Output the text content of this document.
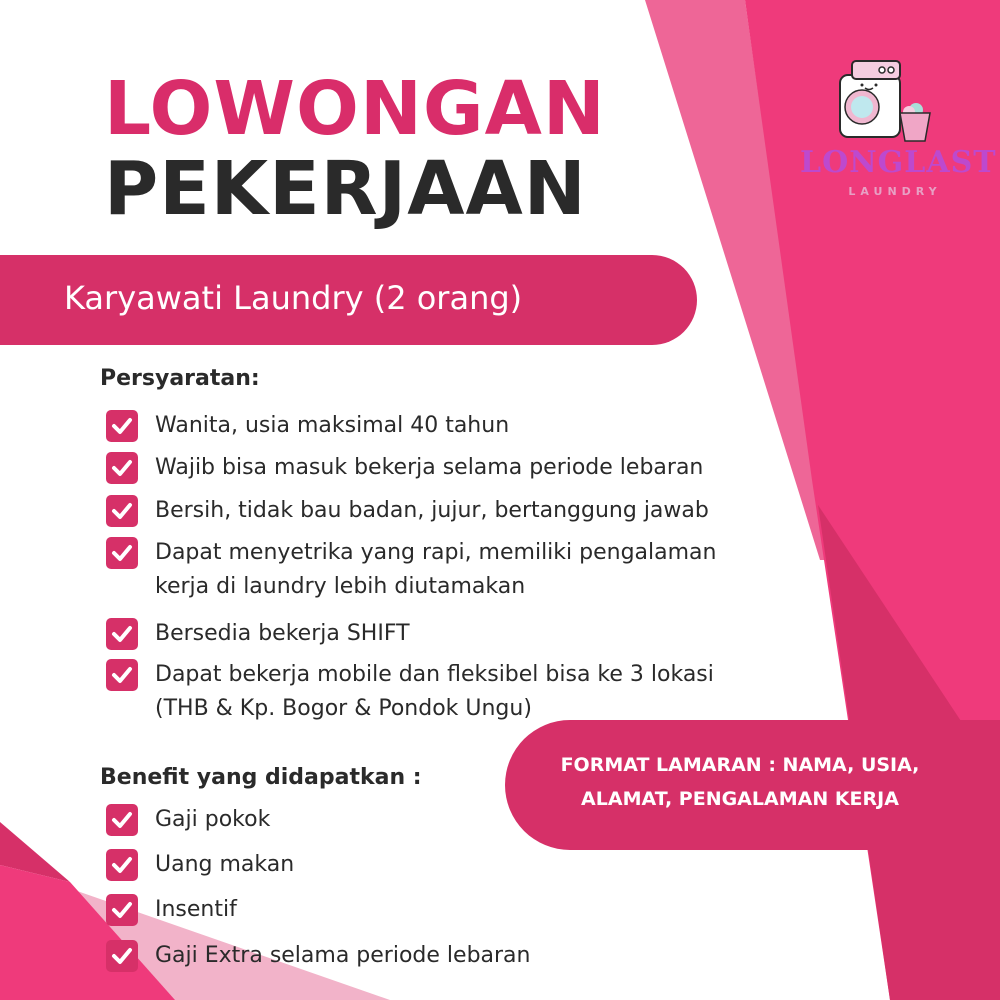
LONGLAST
LAUNDRY
LOWONGAN
PEKERJAAN
Karyawati Laundry (2 orang)
Persyaratan:
Wanita, usia maksimal 40 tahun
Wajib bisa masuk bekerja selama periode lebaran
Bersih, tidak bau badan, jujur, bertanggung jawab
Dapat menyetrika yang rapi, memiliki pengalaman
kerja di laundry lebih diutamakan
Bersedia bekerja SHIFT
Dapat bekerja mobile dan fleksibel bisa ke 3 lokasi
(THB & Kp. Bogor & Pondok Ungu)
Benefit yang didapatkan :
Gaji pokok
Uang makan
Insentif
Gaji Extra selama periode lebaran
FORMAT LAMARAN : NAMA, USIA,
ALAMAT, PENGALAMAN KERJA
